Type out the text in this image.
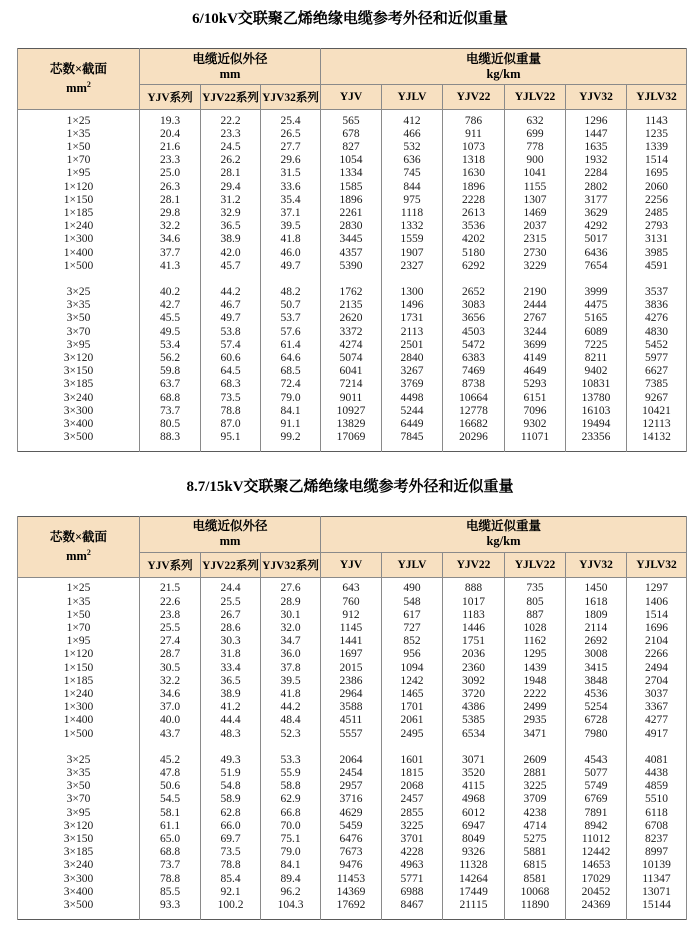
6/10kV交联聚乙烯绝缘电缆参考外径和近似重量
芯数×截面
$mm^2$	电缆近似外径
mm			电缆近似重量
kg/km					
	YJV系列	YJV22系列	YJV32系列	YJV	YJLV	YJV22	YJLV22	YJV32	YJLV32

1×25	19.3	22.2	25.4	565	412	786	632	1296	1143
1×35	20.4	23.3	26.5	678	466	911	699	1447	1235
1×50	21.6	24.5	27.7	827	532	1073	778	1635	1339
1×70	23.3	26.2	29.6	1054	636	1318	900	1932	1514
1×95	25.0	28.1	31.5	1334	745	1630	1041	2284	1695
1×120	26.3	29.4	33.6	1585	844	1896	1155	2802	2060
1×150	28.1	31.2	35.4	1896	975	2228	1307	3177	2256
1×185	29.8	32.9	37.1	2261	1118	2613	1469	3629	2485
1×240	32.2	36.5	39.5	2830	1332	3536	2037	4292	2793
1×300	34.6	38.9	41.8	3445	1559	4202	2315	5017	3131
1×400	37.7	42.0	46.0	4357	1907	5180	2730	6436	3985
1×500	41.3	45.7	49.7	5390	2327	6292	3229	7654	4591

3×25	40.2	44.2	48.2	1762	1300	2652	2190	3999	3537
3×35	42.7	46.7	50.7	2135	1496	3083	2444	4475	3836
3×50	45.5	49.7	53.7	2620	1731	3656	2767	5165	4276
3×70	49.5	53.8	57.6	3372	2113	4503	3244	6089	4830
3×95	53.4	57.4	61.4	4274	2501	5472	3699	7225	5452
3×120	56.2	60.6	64.6	5074	2840	6383	4149	8211	5977
3×150	59.8	64.5	68.5	6041	3267	7469	4649	9402	6627
3×185	63.7	68.3	72.4	7214	3769	8738	5293	10831	7385
3×240	68.8	73.5	79.0	9011	4498	10664	6151	13780	9267
3×300	73.7	78.8	84.1	10927	5244	12778	7096	16103	10421
3×400	80.5	87.0	91.1	13829	6449	16682	9302	19494	12113
3×500	88.3	95.1	99.2	17069	7845	20296	11071	23356	14132

8.7/15kV交联聚乙烯绝缘电缆参考外径和近似重量
芯数×截面
$mm^2$	电缆近似外径
mm			电缆近似重量
kg/km					
	YJV系列	YJV22系列	YJV32系列	YJV	YJLV	YJV22	YJLV22	YJV32	YJLV32

1×25	21.5	24.4	27.6	643	490	888	735	1450	1297
1×35	22.6	25.5	28.9	760	548	1017	805	1618	1406
1×50	23.8	26.7	30.1	912	617	1183	887	1809	1514
1×70	25.5	28.6	32.0	1145	727	1446	1028	2114	1696
1×95	27.4	30.3	34.7	1441	852	1751	1162	2692	2104
1×120	28.7	31.8	36.0	1697	956	2036	1295	3008	2266
1×150	30.5	33.4	37.8	2015	1094	2360	1439	3415	2494
1×185	32.2	36.5	39.5	2386	1242	3092	1948	3848	2704
1×240	34.6	38.9	41.8	2964	1465	3720	2222	4536	3037
1×300	37.0	41.2	44.2	3588	1701	4386	2499	5254	3367
1×400	40.0	44.4	48.4	4511	2061	5385	2935	6728	4277
1×500	43.7	48.3	52.3	5557	2495	6534	3471	7980	4917

3×25	45.2	49.3	53.3	2064	1601	3071	2609	4543	4081
3×35	47.8	51.9	55.9	2454	1815	3520	2881	5077	4438
3×50	50.6	54.8	58.8	2957	2068	4115	3225	5749	4859
3×70	54.5	58.9	62.9	3716	2457	4968	3709	6769	5510
3×95	58.1	62.8	66.8	4629	2855	6012	4238	7891	6118
3×120	61.1	66.0	70.0	5459	3225	6947	4714	8942	6708
3×150	65.0	69.7	75.1	6476	3701	8049	5275	11012	8237
3×185	68.8	73.5	79.0	7673	4228	9326	5881	12442	8997
3×240	73.7	78.8	84.1	9476	4963	11328	6815	14653	10139
3×300	78.8	85.4	89.4	11453	5771	14264	8581	17029	11347
3×400	85.5	92.1	96.2	14369	6988	17449	10068	20452	13071
3×500	93.3	100.2	104.3	17692	8467	21115	11890	24369	15144
